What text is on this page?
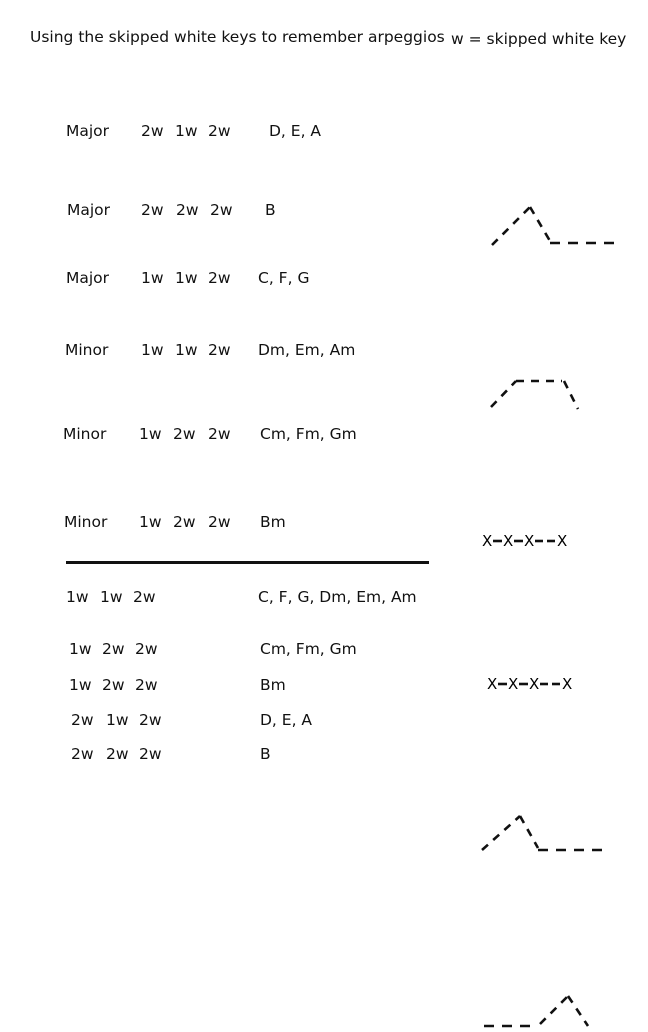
Using the skipped white keys to remember arpeggios w = skipped white key
Major 2w 1w 2w D, E, A
Major 2w 2w 2w B
Major 1w 1w 2w C, F, G
X X X X
Minor 1w 1w 2w Dm, Em, Am
X X X X
Minor 1w 2w 2w Cm, Fm, Gm
Minor 1w 2w 2w Bm
1w 1w 2w	C, F, G, Dm, Em, Am
1w 2w 2w	Cm, Fm, Gm
1w 2w 2w	Bm
2w 1w 2w	D, E, A
2w 2w 2w	B
